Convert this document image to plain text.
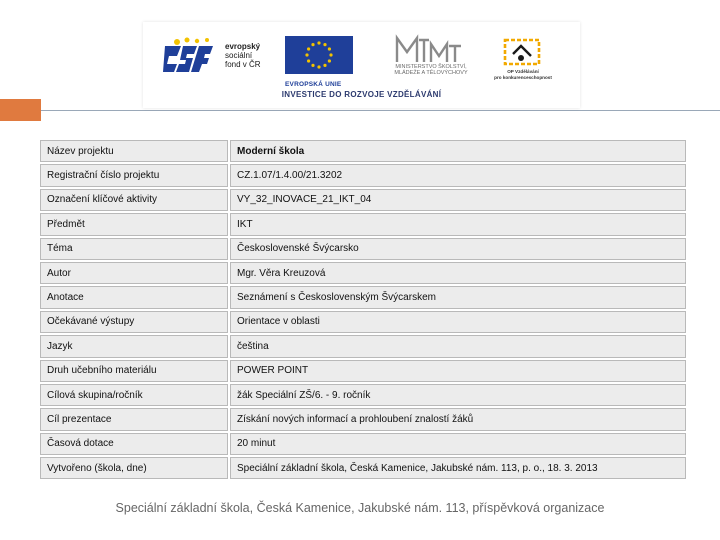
evropský
sociální
fond v ČR
EVROPSKÁ UNIE
MINISTERSTVO ŠKOLSTVÍ,
MLÁDEŽE A TĚLOVÝCHOVY	OP Vzdělávání
pro konkurenceschopnost
INVESTICE DO ROZVOJE VZDĚLÁVÁNÍ
Název projektu	Moderní škola
Registrační číslo projektu	CZ.1.07/1.4.00/21.3202
Označení klíčové aktivity	VY_32_INOVACE_21_IKT_04
Předmět	IKT
Téma	Československé Švýcarsko
Autor	Mgr. Věra Kreuzová
Anotace	Seznámení s Československým Švýcarskem
Očekávané výstupy	Orientace v oblasti
Jazyk	čeština
Druh učebního materiálu	POWER POINT
Cílová skupina/ročník	žák Speciální ZŠ/6. - 9. ročník
Cíl prezentace	Získání nových informací a prohloubení znalostí žáků
Časová dotace	20 minut
Vytvořeno (škola, dne)	Speciální základní škola, Česká Kamenice, Jakubské nám. 113, p. o., 18. 3. 2013
Speciální základní škola, Česká Kamenice, Jakubské nám. 113, příspěvková organizace
